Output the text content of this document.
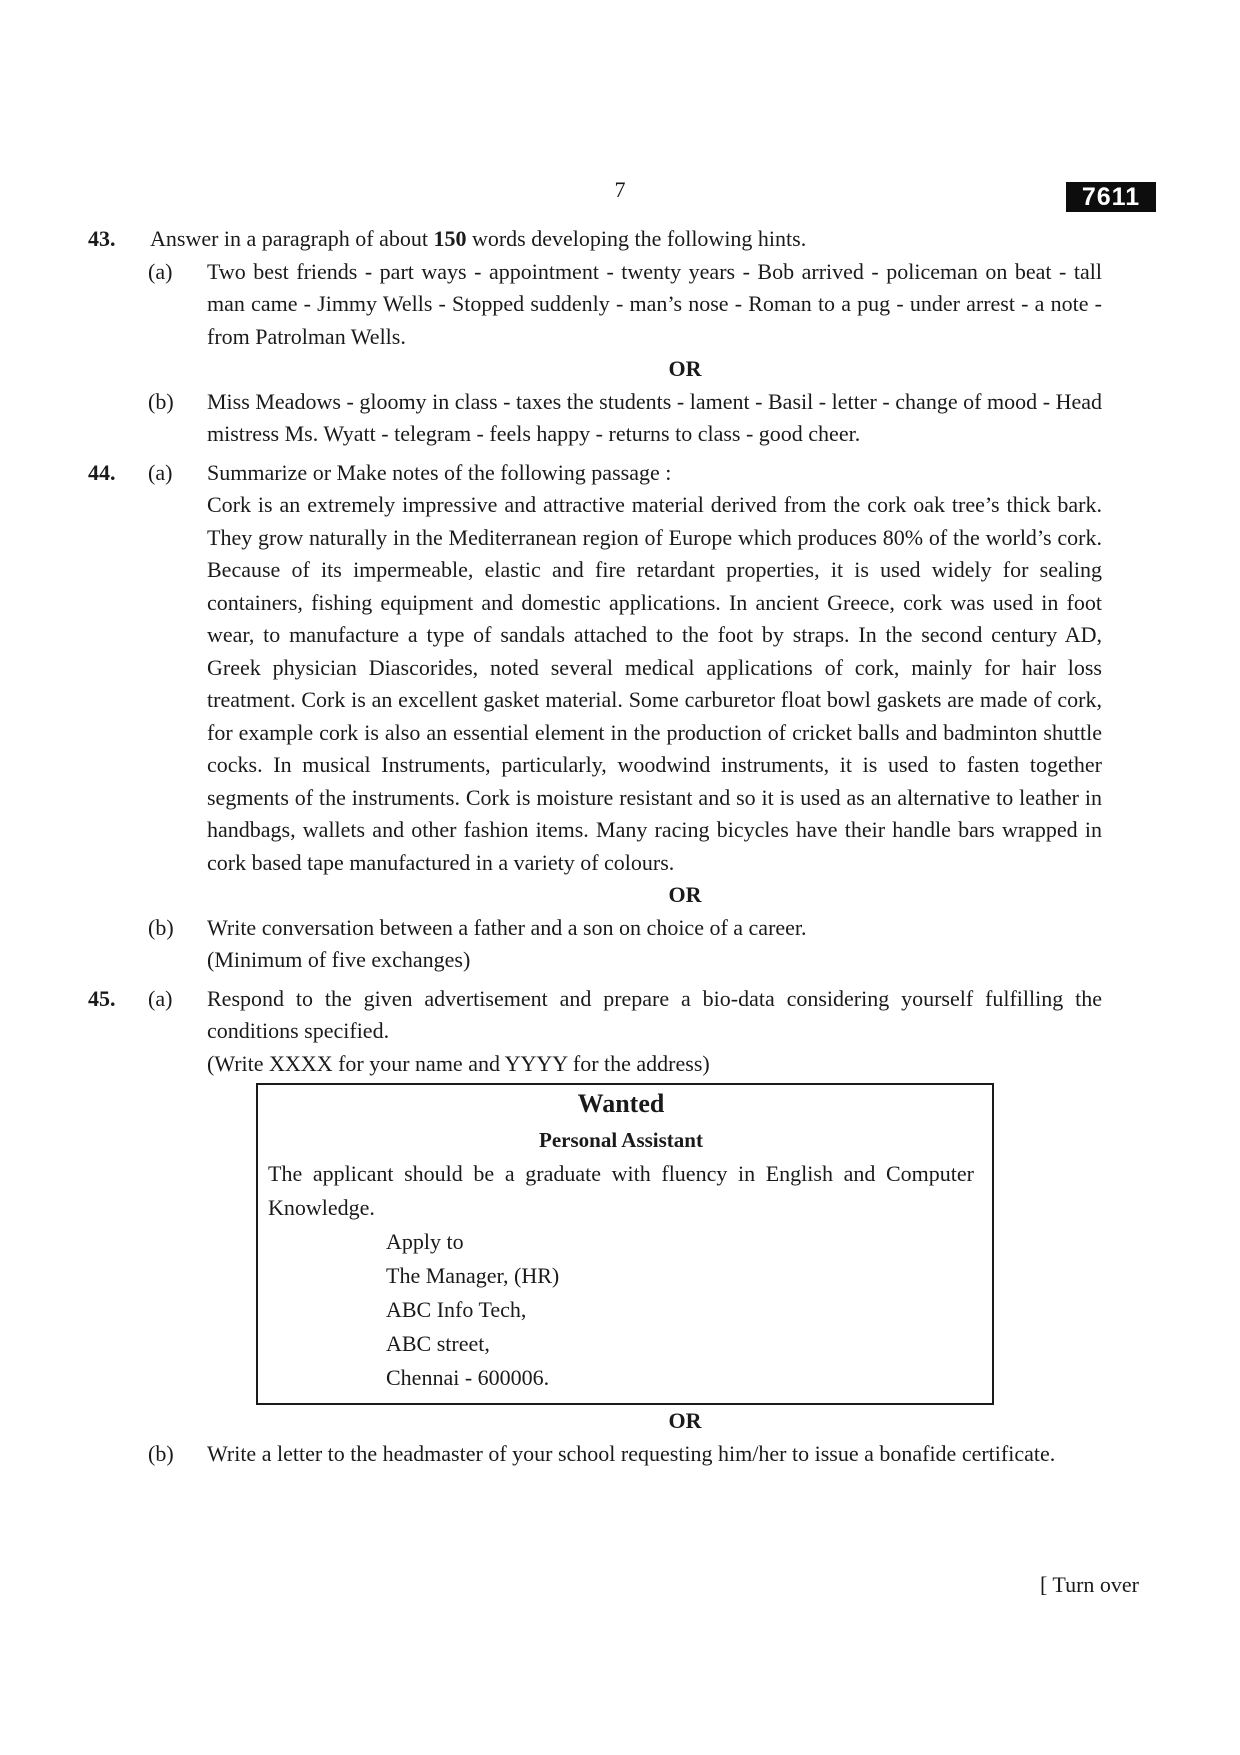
7	7611
43. Answer in a paragraph of about 150 words developing the following hints.
(a) Two best friends - part ways - appointment - twenty years - Bob arrived - policeman on beat - tall man came - Jimmy Wells - Stopped suddenly - man’s nose - Roman to a pug - under arrest - a note - from Patrolman Wells.
OR
(b) Miss Meadows - gloomy in class - taxes the students - lament - Basil - letter - change of mood - Head mistress Ms. Wyatt - telegram - feels happy - returns to class - good cheer.
44. (a) Summarize or Make notes of the following passage :
Cork is an extremely impressive and attractive material derived from the cork oak tree’s thick bark. They grow naturally in the Mediterranean region of Europe which produces 80% of the world’s cork. Because of its impermeable, elastic and fire retardant properties, it is used widely for sealing containers, fishing equipment and domestic applications. In ancient Greece, cork was used in foot wear, to manufacture a type of sandals attached to the foot by straps. In the second century AD, Greek physician Diascorides, noted several medical applications of cork, mainly for hair loss treatment. Cork is an excellent gasket material. Some carburetor float bowl gaskets are made of cork, for example cork is also an essential element in the production of cricket balls and badminton shuttle cocks. In musical Instruments, particularly, woodwind instruments, it is used to fasten together segments of the instruments. Cork is moisture resistant and so it is used as an alternative to leather in handbags, wallets and other fashion items. Many racing bicycles have their handle bars wrapped in cork based tape manufactured in a variety of colours.
OR
(b) Write conversation between a father and a son on choice of a career.
(Minimum of five exchanges)
45. (a) Respond to the given advertisement and prepare a bio-data considering yourself fulfilling the conditions specified.
(Write XXXX for your name and YYYY for the address)
Wanted
Personal Assistant
The applicant should be a graduate with fluency in English and Computer Knowledge.
Apply to
The Manager, (HR)
ABC Info Tech,
ABC street,
Chennai - 600006.
OR
(b) Write a letter to the headmaster of your school requesting him/her to issue a bonafide certificate.
[ Turn over
